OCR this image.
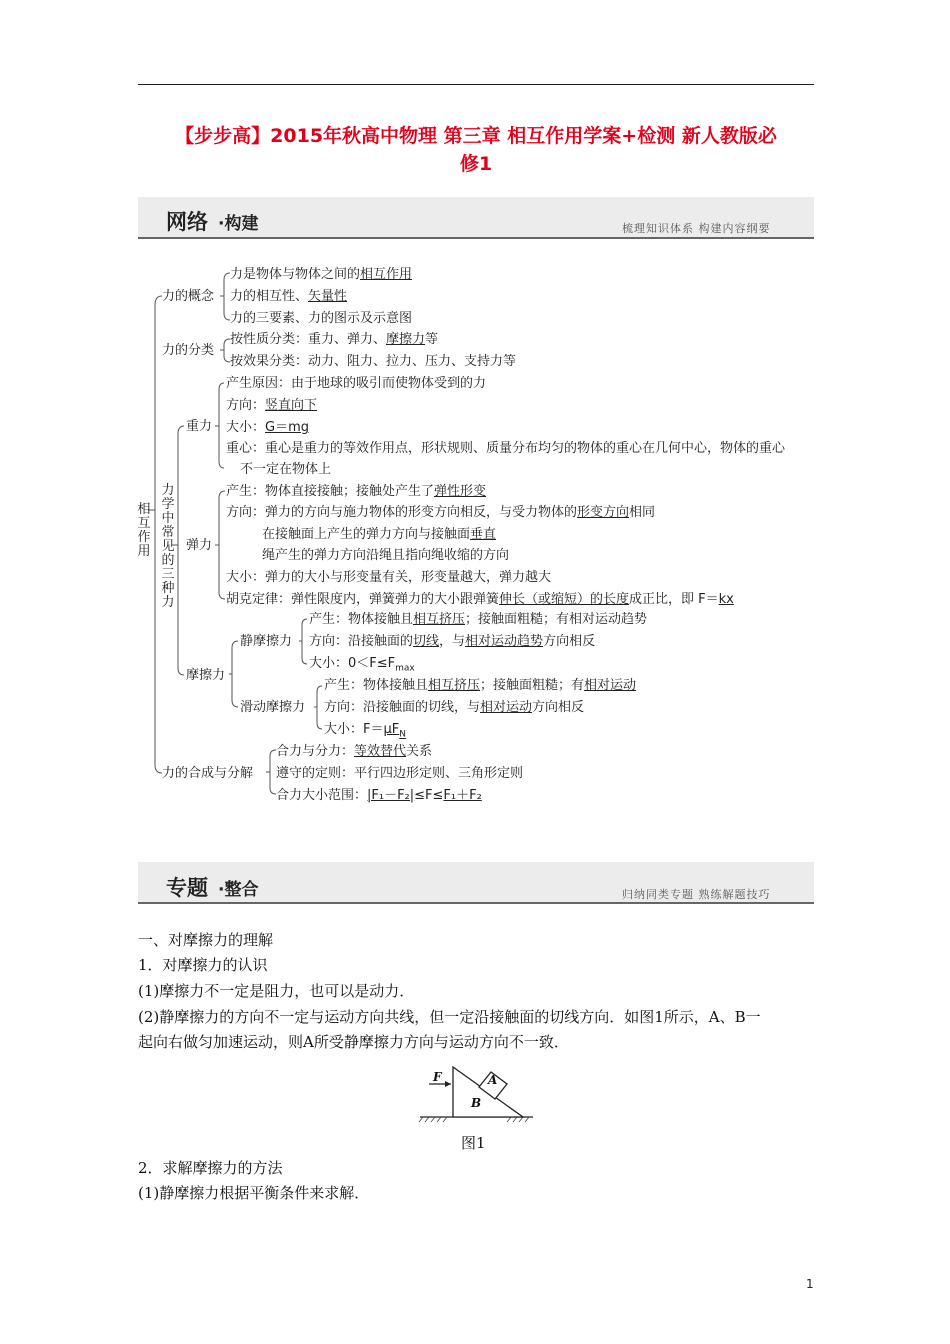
【步步高】2015年秋高中物理 第三章 相互作用学案+检测 新人教版必
修1
网络 ·构建	梳理知识体系 构建内容纲要
相互作用
力的概念
力是物体与物体之间的相互作用
力的相互性、矢量性
力的三要素、力的图示及示意图
力的分类
按性质分类：重力、弹力、摩擦力等
按效果分类：动力、阻力、拉力、压力、支持力等
力学中常见的三种力
重力
产生原因：由于地球的吸引而使物体受到的力
方向：竖直向下
大小：G＝mg
重心：重心是重力的等效作用点，形状规则、质量分布均匀的物体的重心在几何中心，物体的重心
不一定在物体上
弹力
产生：物体直接接触；接触处产生了弹性形变
方向：弹力的方向与施力物体的形变方向相反，与受力物体的形变方向相同
在接触面上产生的弹力方向与接触面垂直
绳产生的弹力方向沿绳且指向绳收缩的方向
大小：弹力的大小与形变量有关，形变量越大，弹力越大
胡克定律：弹性限度内，弹簧弹力的大小跟弹簧伸长（或缩短）的长度成正比，即 F＝kx
摩擦力
静摩擦力
产生：物体接触且相互挤压；接触面粗糙；有相对运动趋势
方向：沿接触面的切线，与相对运动趋势方向相反
大小：$0<F\le F_{max}$
滑动摩擦力
产生：物体接触且相互挤压；接触面粗糙；有相对运动
方向：沿接触面的切线，与相对运动方向相反
大小：$F=\mu F_N$
力的合成与分解
合力与分力：等效替代关系
遵守的定则：平行四边形定则、三角形定则
合力大小范围：|F₁－F₂|≤F≤F₁＋F₂
专题 ·整合	归纳同类专题 熟练解题技巧
一、对摩擦力的理解
1．对摩擦力的认识
(1)摩擦力不一定是阻力，也可以是动力．
(2)静摩擦力的方向不一定与运动方向共线，但一定沿接触面的切线方向．如图1所示，A、B一
起向右做匀加速运动，则A所受静摩擦力方向与运动方向不一致．
F	A
B
图1
2．求解摩擦力的方法
(1)静摩擦力根据平衡条件来求解．
1
